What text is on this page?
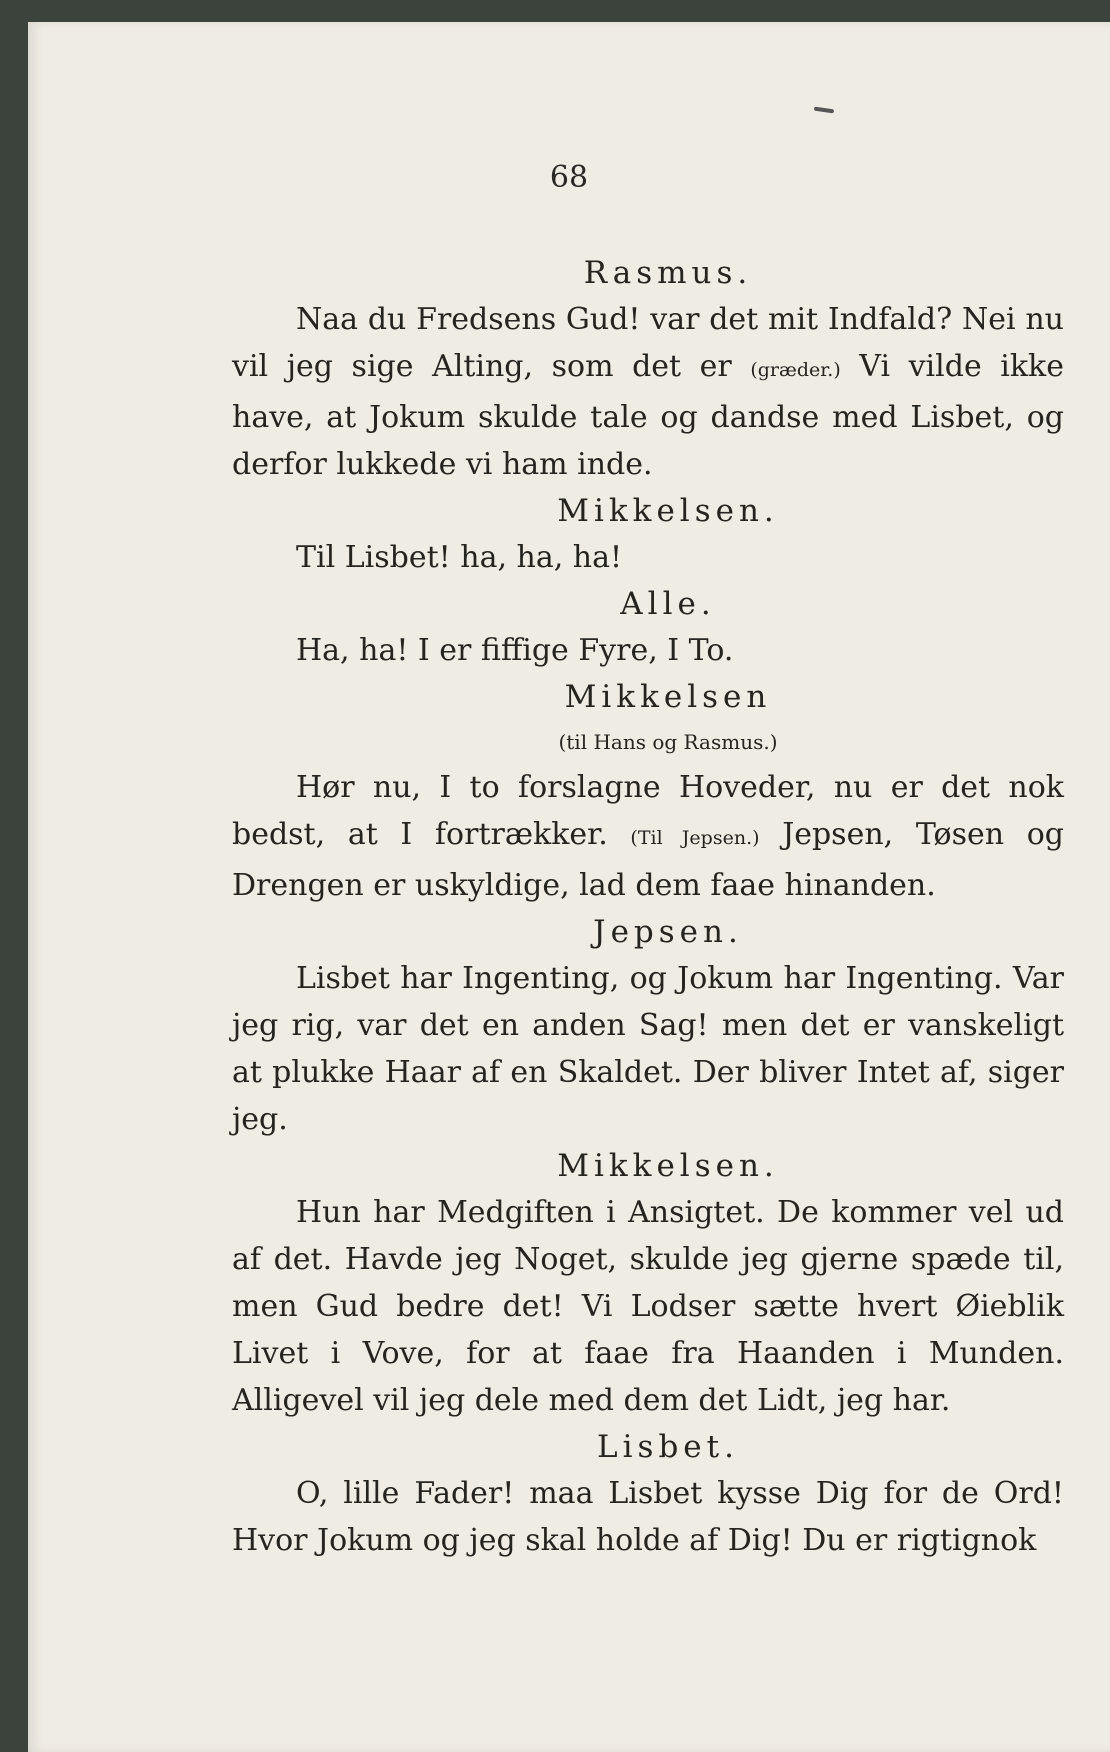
68
Rasmus.

Naa du Fredsens Gud! var det mit Indfald? Nei nu vil jeg sige Alting, som det er (græder.) Vi vilde ikke have, at Jokum skulde tale og dandse med Lisbet, og derfor lukkede vi ham inde.

Mikkelsen.

Til Lisbet! ha, ha, ha!

Alle.

Ha, ha! I er fiffige Fyre, I To.

Mikkelsen
(til Hans og Rasmus.)

Hør nu, I to forslagne Hoveder, nu er det nok bedst, at I fortrækker. (Til Jepsen.) Jepsen, Tøsen og Drengen er uskyldige, lad dem faae hinanden.

Jepsen.

Lisbet har Ingenting, og Jokum har Ingenting. Var jeg rig, var det en anden Sag! men det er vanskeligt at plukke Haar af en Skaldet. Der bliver Intet af, siger jeg.

Mikkelsen.

Hun har Medgiften i Ansigtet. De kommer vel ud af det. Havde jeg Noget, skulde jeg gjerne spæde til, men Gud bedre det! Vi Lodser sætte hvert Øieblik Livet i Vove, for at faae fra Haanden i Munden. Alligevel vil jeg dele med dem det Lidt, jeg har.

Lisbet.

O, lille Fader! maa Lisbet kysse Dig for de Ord! Hvor Jokum og jeg skal holde af Dig! Du er rigtignok
